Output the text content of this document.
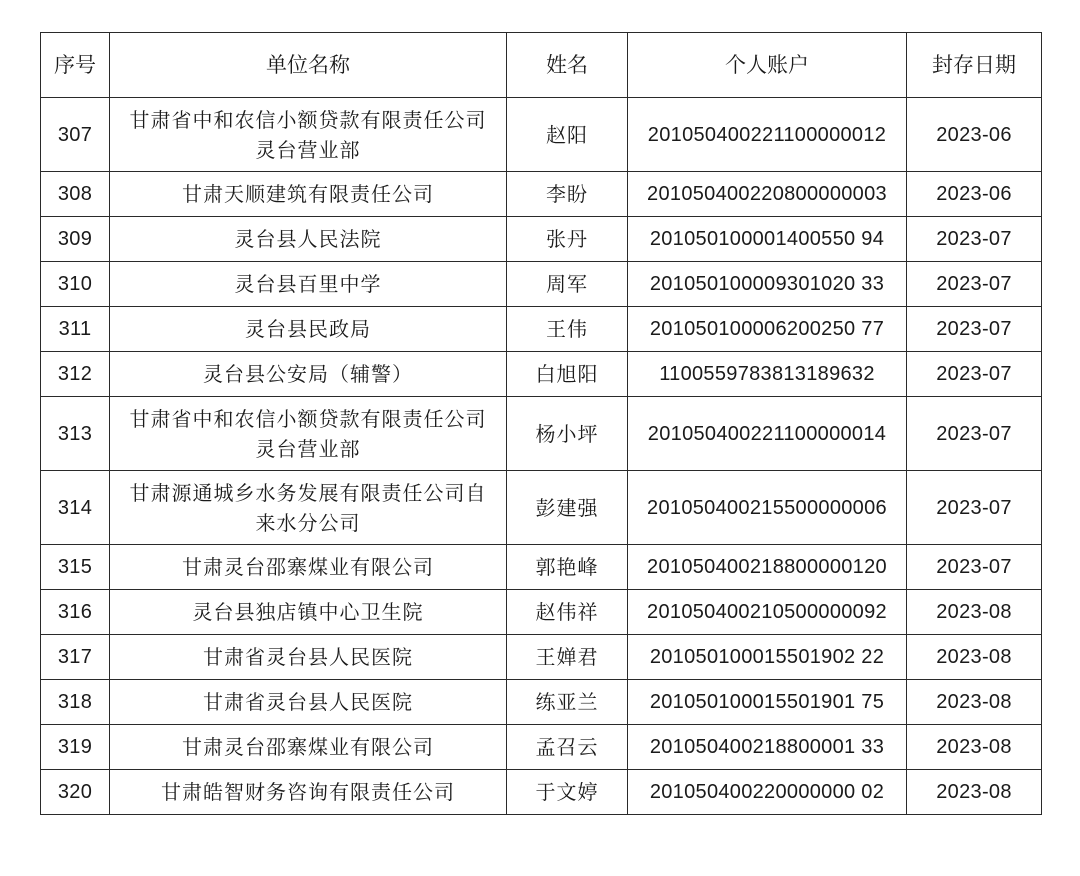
序号	单位名称	姓名	个人账户	封存日期
307	甘肃省中和农信小额贷款有限责任公司灵台营业部	赵阳	201050400221100000012	2023-06
308	甘肃天顺建筑有限责任公司	李盼	201050400220800000003	2023-06
309	灵台县人民法院	张丹	201050100001400550 94	2023-07
310	灵台县百里中学	周军	201050100009301020 33	2023-07
311	灵台县民政局	王伟	201050100006200250 77	2023-07
312	灵台县公安局（辅警）	白旭阳	1100559783813189632	2023-07
313	甘肃省中和农信小额贷款有限责任公司灵台营业部	杨小坪	201050400221100000014	2023-07
314	甘肃源通城乡水务发展有限责任公司自来水分公司	彭建强	201050400215500000006	2023-07
315	甘肃灵台邵寨煤业有限公司	郭艳峰	201050400218800000120	2023-07
316	灵台县独店镇中心卫生院	赵伟祥	201050400210500000092	2023-08
317	甘肃省灵台县人民医院	王婵君	201050100015501902 22	2023-08
318	甘肃省灵台县人民医院	练亚兰	201050100015501901 75	2023-08
319	甘肃灵台邵寨煤业有限公司	孟召云	201050400218800001 33	2023-08
320	甘肃皓智财务咨询有限责任公司	于文婷	201050400220000000 02	2023-08
